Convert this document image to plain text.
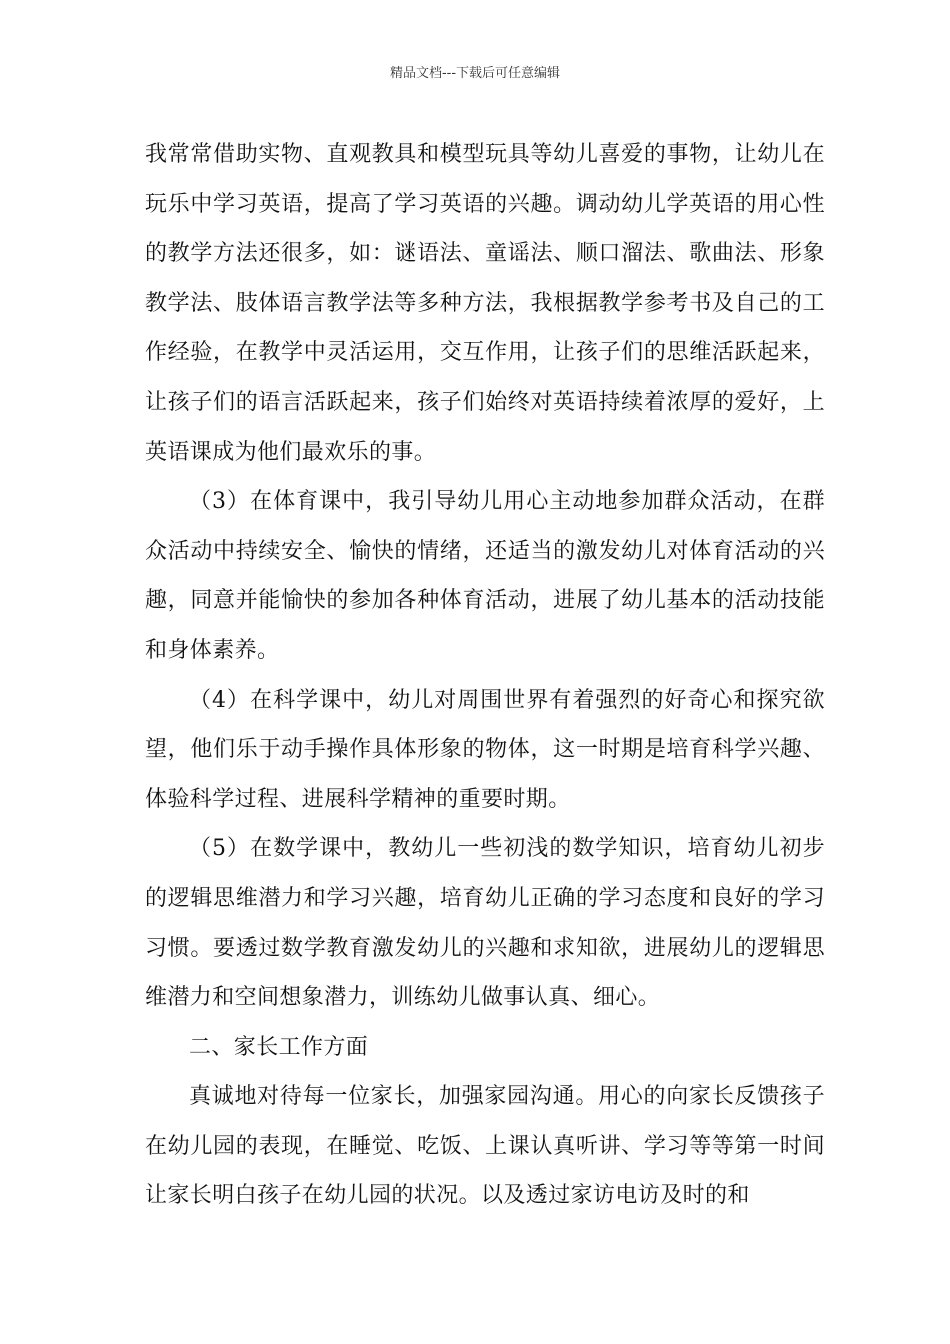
精品文档---下载后可任意编辑

我常常借助实物、直观教具和模型玩具等幼儿喜爱的事物，让幼儿在玩乐中学习英语，提高了学习英语的兴趣。调动幼儿学英语的用心性的教学方法还很多，如：谜语法、童谣法、顺口溜法、歌曲法、形象教学法、肢体语言教学法等多种方法，我根据教学参考书及自己的工作经验，在教学中灵活运用，交互作用，让孩子们的思维活跃起来，让孩子们的语言活跃起来，孩子们始终对英语持续着浓厚的爱好，上英语课成为他们最欢乐的事。

（3）在体育课中，我引导幼儿用心主动地参加群众活动，在群众活动中持续安全、愉快的情绪，还适当的激发幼儿对体育活动的兴趣，同意并能愉快的参加各种体育活动，进展了幼儿基本的活动技能和身体素养。

（4）在科学课中，幼儿对周围世界有着强烈的好奇心和探究欲望，他们乐于动手操作具体形象的物体，这一时期是培育科学兴趣、体验科学过程、进展科学精神的重要时期。

（5）在数学课中，教幼儿一些初浅的数学知识，培育幼儿初步的逻辑思维潜力和学习兴趣，培育幼儿正确的学习态度和良好的学习习惯。要透过数学教育激发幼儿的兴趣和求知欲，进展幼儿的逻辑思维潜力和空间想象潜力，训练幼儿做事认真、细心。

二、家长工作方面

真诚地对待每一位家长，加强家园沟通。用心的向家长反馈孩子在幼儿园的表现，在睡觉、吃饭、上课认真听讲、学习等等第一时间让家长明白孩子在幼儿园的状况。以及透过家访电访及时的和
